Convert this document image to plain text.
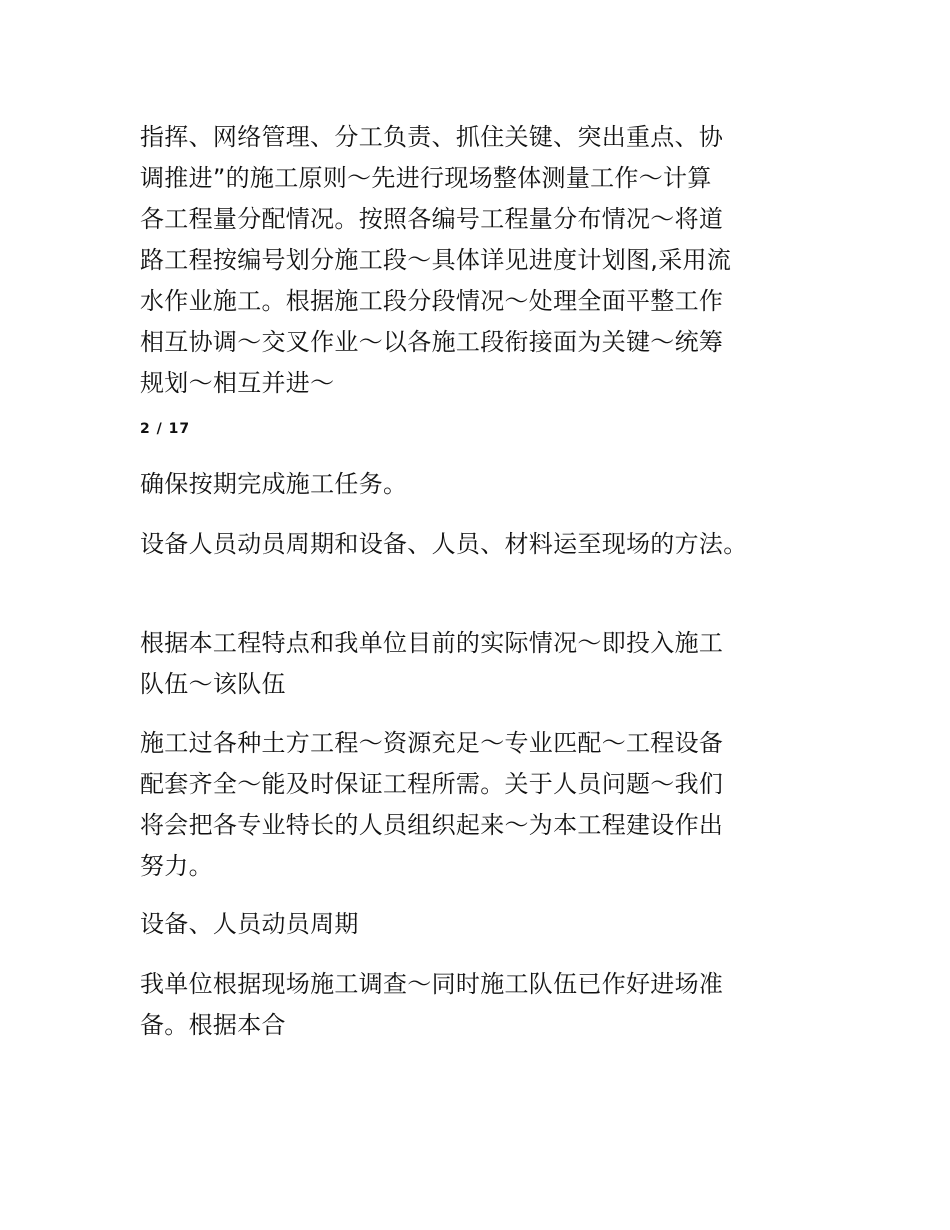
指挥、网络管理、分工负责、抓住关键、突出重点、协

调推进”的施工原则～先进行现场整体测量工作～计算

各工程量分配情况。按照各编号工程量分布情况～将道

路工程按编号划分施工段～具体详见进度计划图,采用流

水作业施工。根据施工段分段情况～处理全面平整工作

相互协调～交叉作业～以各施工段衔接面为关键～统筹

规划～相互并进～

2 / 17

确保按期完成施工任务。

设备人员动员周期和设备、人员、材料运至现场的方法。

根据本工程特点和我单位目前的实际情况～即投入施工

队伍～该队伍

施工过各种土方工程～资源充足～专业匹配～工程设备

配套齐全～能及时保证工程所需。关于人员问题～我们

将会把各专业特长的人员组织起来～为本工程建设作出

努力。

设备、人员动员周期

我单位根据现场施工调查～同时施工队伍已作好进场准

备。根据本合
